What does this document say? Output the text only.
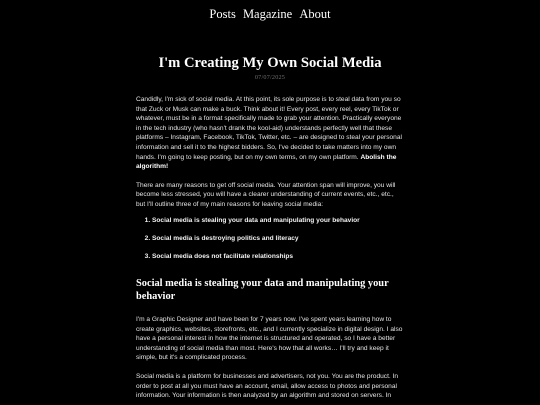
Posts Magazine About
I'm Creating My Own Social Media
07/07/2025

Candidly, I'm sick of social media. At this point, its sole purpose is to steal data from you so that Zuck or Musk can make a buck. Think about it! Every post, every reel, every TikTok or whatever, must be in a format specifically made to grab your attention. Practically everyone in the tech industry (who hasn't drank the kool-aid) understands perfectly well that these platforms – Instagram, Facebook, TikTok, Twitter, etc. – are designed to steal your personal information and sell it to the highest bidders. So, I've decided to take matters into my own hands. I'm going to keep posting, but on my own terms, on my own platform. Abolish the algorithm!

There are many reasons to get off social media. Your attention span will improve, you will become less stressed, you will have a clearer understanding of current events, etc., etc., but I'll outline three of my main reasons for leaving social media:

1. Social media is stealing your data and manipulating your behavior
2. Social media is destroying politics and literacy
3. Social media does not facilitate relationships
Social media is stealing your data and manipulating your behavior

I'm a Graphic Designer and have been for 7 years now. I've spent years learning how to create graphics, websites, storefronts, etc., and I currently specialize in digital design. I also have a personal interest in how the internet is structured and operated, so I have a better understanding of social media than most. Here's how that all works… I'll try and keep it simple, but it's a complicated process.

Social media is a platform for businesses and advertisers, not you. You are the product. In order to post at all you must have an account, email, allow access to photos and personal information. Your information is then analyzed by an algorithm and stored on servers. In
